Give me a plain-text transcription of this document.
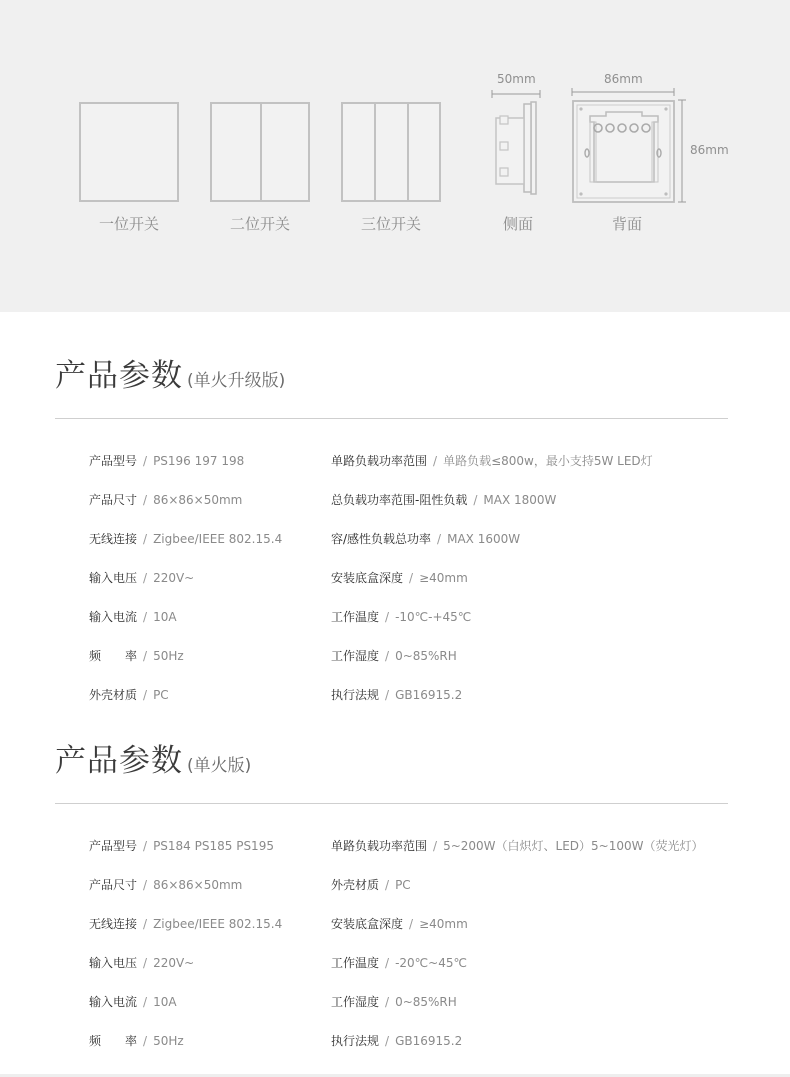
一位开关	二位开关	三位开关
50mm
侧面
86mm
86mm
背面
产品参数 (单火升级版)
产品型号 / PS196 197 198
产品尺寸 / 86×86×50mm
无线连接 / Zigbee/IEEE 802.15.4
输入电压 / 220V~
输入电流 / 10A
频　　率 / 50Hz
外壳材质 / PC
单路负载功率范围 / 单路负载≤800w，最小支持5W LED灯
总负载功率范围-阻性负载 / MAX 1800W
容/感性负载总功率 / MAX 1600W
安装底盒深度 / ≥40mm
工作温度 / -10℃-+45℃
工作湿度 / 0~85%RH
执行法规 / GB16915.2
产品参数 (单火版)
产品型号 / PS184 PS185 PS195
产品尺寸 / 86×86×50mm
无线连接 / Zigbee/IEEE 802.15.4
输入电压 / 220V~
输入电流 / 10A
频　　率 / 50Hz
单路负载功率范围 / 5~200W（白炽灯、LED）5~100W（荧光灯）
外壳材质 / PC
安装底盒深度 / ≥40mm
工作温度 / -20℃~45℃
工作湿度 / 0~85%RH
执行法规 / GB16915.2
